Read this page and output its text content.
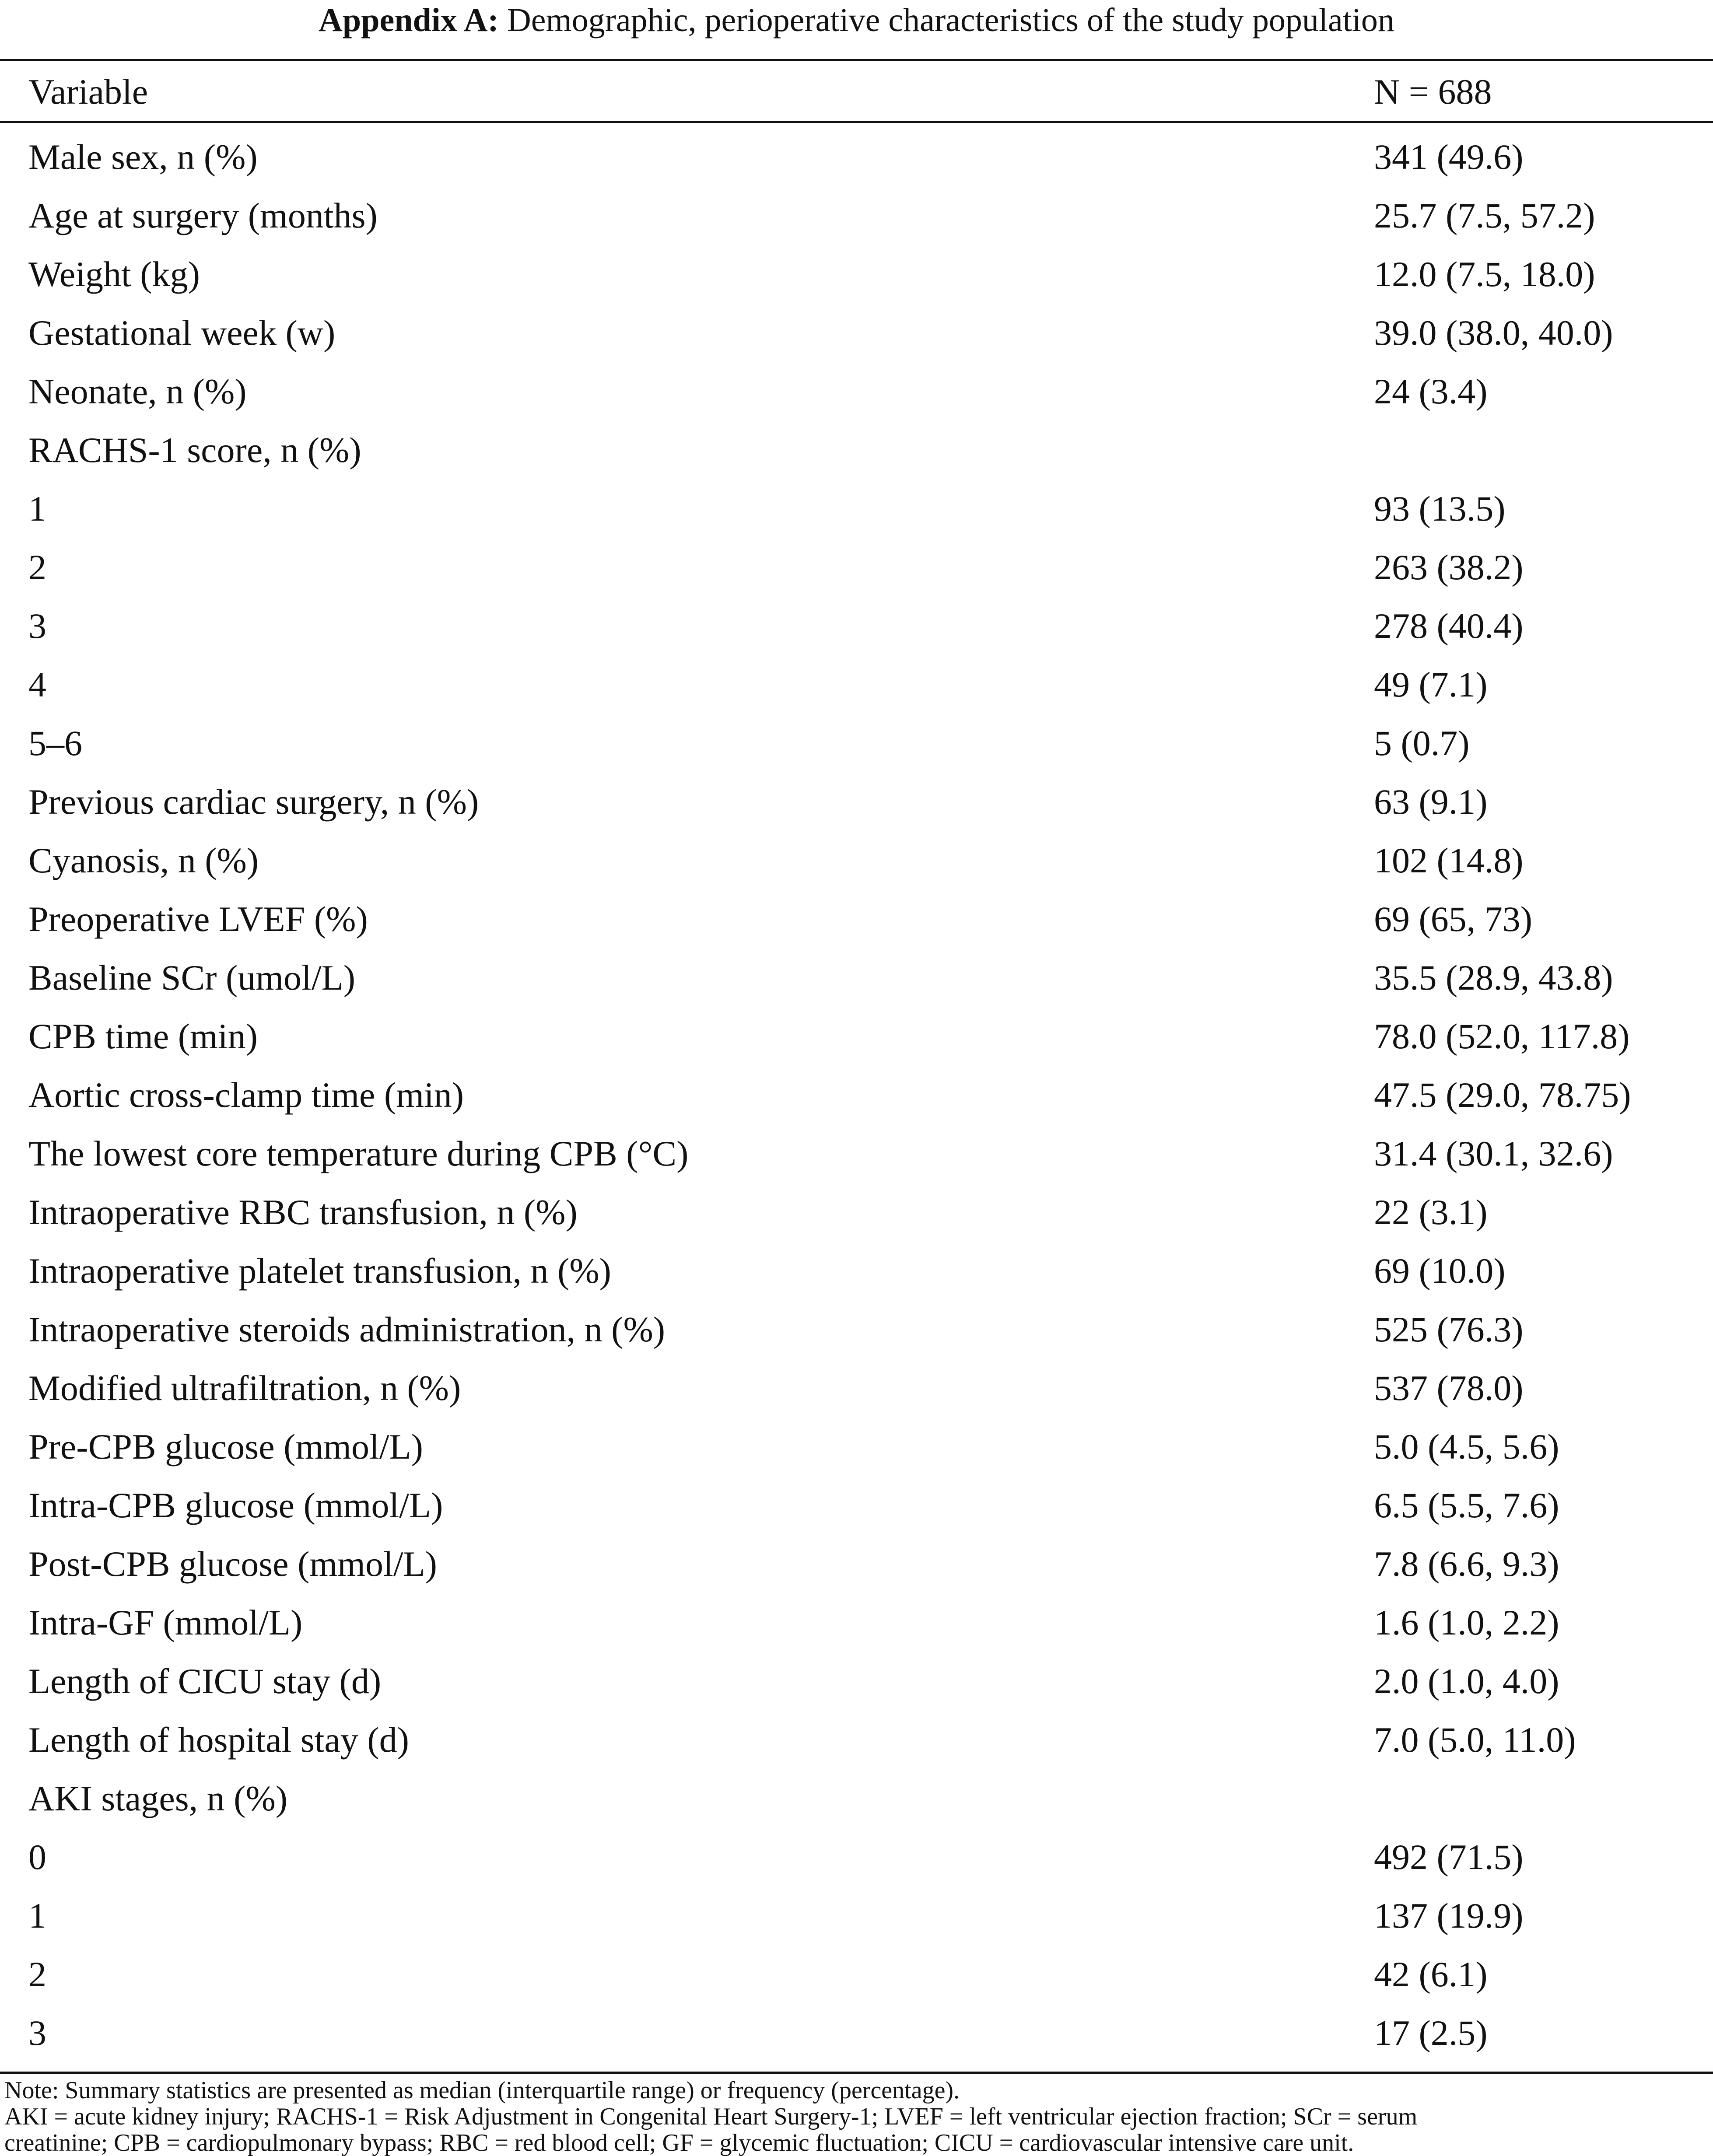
Appendix A: Demographic, perioperative characteristics of the study population
Variable	N = 688
Male sex, n (%)	341 (49.6)
Age at surgery (months)	25.7 (7.5, 57.2)
Weight (kg)	12.0 (7.5, 18.0)
Gestational week (w)	39.0 (38.0, 40.0)
Neonate, n (%)	24 (3.4)
RACHS-1 score, n (%)
1	93 (13.5)
2	263 (38.2)
3	278 (40.4)
4	49 (7.1)
5–6	5 (0.7)
Previous cardiac surgery, n (%)	63 (9.1)
Cyanosis, n (%)	102 (14.8)
Preoperative LVEF (%)	69 (65, 73)
Baseline SCr (umol/L)	35.5 (28.9, 43.8)
CPB time (min)	78.0 (52.0, 117.8)
Aortic cross-clamp time (min)	47.5 (29.0, 78.75)
The lowest core temperature during CPB (°C)	31.4 (30.1, 32.6)
Intraoperative RBC transfusion, n (%)	22 (3.1)
Intraoperative platelet transfusion, n (%)	69 (10.0)
Intraoperative steroids administration, n (%)	525 (76.3)
Modified ultrafiltration, n (%)	537 (78.0)
Pre-CPB glucose (mmol/L)	5.0 (4.5, 5.6)
Intra-CPB glucose (mmol/L)	6.5 (5.5, 7.6)
Post-CPB glucose (mmol/L)	7.8 (6.6, 9.3)
Intra-GF (mmol/L)	1.6 (1.0, 2.2)
Length of CICU stay (d)	2.0 (1.0, 4.0)
Length of hospital stay (d)	7.0 (5.0, 11.0)
AKI stages, n (%)
0	492 (71.5)
1	137 (19.9)
2	42 (6.1)
3	17 (2.5)
Note: Summary statistics are presented as median (interquartile range) or frequency (percentage).
AKI = acute kidney injury; RACHS-1 = Risk Adjustment in Congenital Heart Surgery-1; LVEF = left ventricular ejection fraction; SCr = serum
creatinine; CPB = cardiopulmonary bypass; RBC = red blood cell; GF = glycemic fluctuation; CICU = cardiovascular intensive care unit.
